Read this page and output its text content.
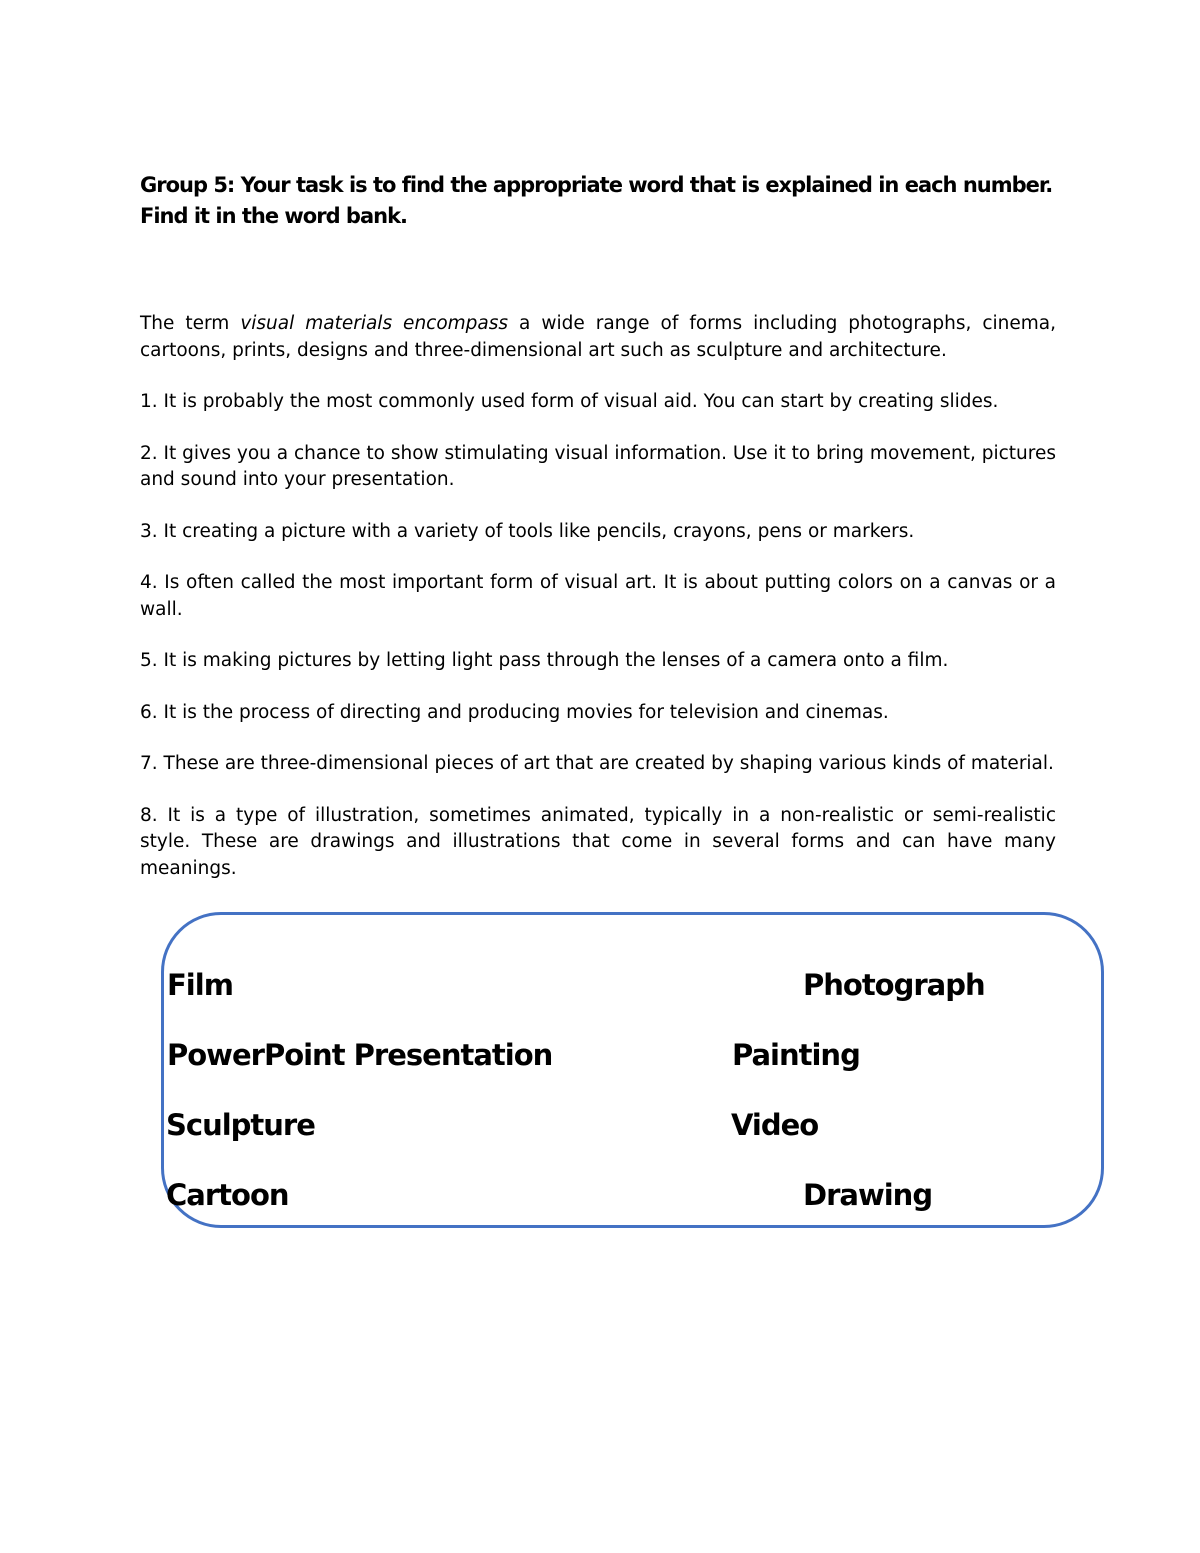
Group 5: Your task is to find the appropriate word that is explained in each number.
Find it in the word bank.

The term visual materials encompass a wide range of forms including photographs, cinema, cartoons, prints, designs and three-dimensional art such as sculpture and architecture.

1. It is probably the most commonly used form of visual aid. You can start by creating slides.

2. It gives you a chance to show stimulating visual information. Use it to bring movement, pictures and sound into your presentation.

3. It creating a picture with a variety of tools like pencils, crayons, pens or markers.

4. Is often called the most important form of visual art. It is about putting colors on a canvas or a wall.

5. It is making pictures by letting light pass through the lenses of a camera onto a film.

6. It is the process of directing and producing movies for television and cinemas.

7. These are three-dimensional pieces of art that are created by shaping various kinds of material.

8. It is a type of illustration, sometimes animated, typically in a non-realistic or semi-realistic style. These are drawings and illustrations that come in several forms and can have many meanings.

Film	Photograph
PowerPoint Presentation	Painting
Sculpture	Video
Cartoon	Drawing
